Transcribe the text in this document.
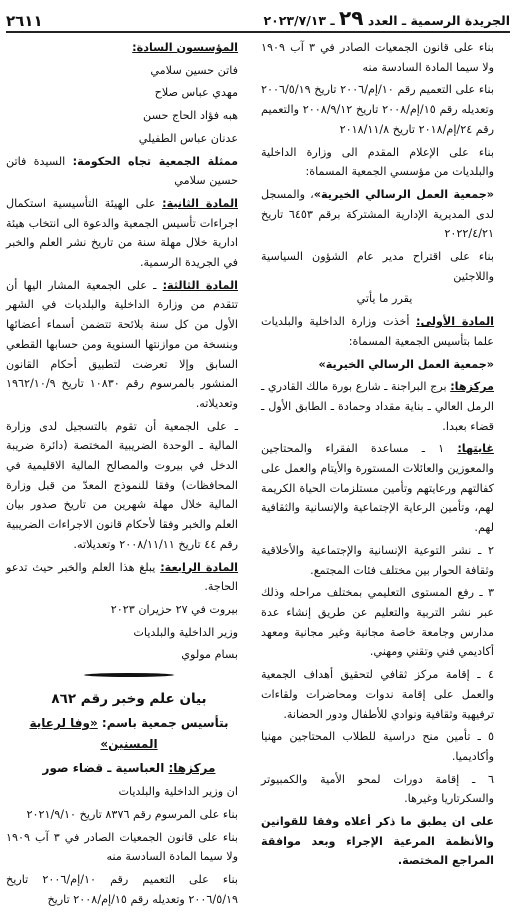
الجريدة الرسمية ـ العدد ٢٩ ـ ٢٠٢٣/٧/١٣
٢٦١١

بناء على قانون الجمعيات الصادر في ٣ آب ١٩٠٩ ولا سيما المادة السادسة منه

بناء على التعميم رقم ١٠/إم/٢٠٠٦ تاريخ ٢٠٠٦/٥/١٩ وتعديله رقم ١٥/إم/٢٠٠٨ تاريخ ٢٠٠٨/٩/١٢ والتعميم رقم ٢٤/إم/٢٠١٨ تاريخ ٢٠١٨/١١/٨

بناء على الإعلام المقدم الى وزارة الداخلية والبلديات من مؤسسي الجمعية المسماة:

«جمعية العمل الرسالي الخيرية»، والمسجل لدى المديرية الإدارية المشتركة برقم ٦٤٥٣ تاريخ ٢٠٢٢/٤/٢١

بناء على اقتراح مدير عام الشؤون السياسية واللاجئين

يقرر ما يأتي

المادة الأولى: أخذت وزارة الداخلية والبلديات علما بتأسيس الجمعية المسماة:

«جمعية العمل الرسالي الخيرية»

مركزها: برج البراجنة ـ شارع بورة مالك القادري ـ الرمل العالي ـ بناية مقداد وحمادة ـ الطابق الأول ـ قضاء بعبدا.

غايتها: ١ ـ مساعدة الفقراء والمحتاجين والمعوزين والعائلات المستورة والأيتام والعمل على كفالتهم ورعايتهم وتأمين مستلزمات الحياة الكريمة لهم، وتأمين الرعاية الإجتماعية والإنسانية والثقافية لهم.

٢ ـ نشر التوعية الإنسانية والإجتماعية والأخلاقية وثقافة الحوار بين مختلف فئات المجتمع.

٣ ـ رفع المستوى التعليمي بمختلف مراحله وذلك عبر نشر التربية والتعليم عن طريق إنشاء عدة مدارس وجامعة خاصة مجانية وغير مجانية ومعهد أكاديمي فني وتقني ومهني.

٤ ـ إقامة مركز ثقافي لتحقيق أهداف الجمعية والعمل على إقامة ندوات ومحاضرات ولقاءات ترفيهية وثقافية ونوادي للأطفال ودور الحضانة.

٥ ـ تأمين منح دراسية للطلاب المحتاجين مهنيا وأكاديميا.

٦ ـ إقامة دورات لمحو الأمية والكمبيوتر والسكرتاريا وغيرها.

على ان يطبق ما ذكر أعلاه وفقا للقوانين والأنظمة المرعية الإجراء وبعد موافقة المراجع المختصة.

المؤسسون السادة:

فاتن حسين سلامي

مهدي عباس صلاح

هبه فؤاد الحاج حسن

عدنان عباس الطفيلي

ممثلة الجمعية تجاه الحكومة: السيدة فاتن حسين سلامي

المادة الثانية: على الهيئة التأسيسية استكمال اجراءات تأسيس الجمعية والدعوة الى انتخاب هيئة ادارية خلال مهلة سنة من تاريخ نشر العلم والخبر في الجريدة الرسمية.

المادة الثالثة: ـ على الجمعية المشار اليها أن تتقدم من وزارة الداخلية والبلديات في الشهر الأول من كل سنة بلائحة تتضمن أسماء أعضائها وبنسخة من موازنتها السنوية ومن حسابها القطعي السابق وإلا تعرضت لتطبيق أحكام القانون المنشور بالمرسوم رقم ١٠٨٣٠ تاريخ ١٩٦٢/١٠/٩ وتعديلاته.

ـ على الجمعية أن تقوم بالتسجيل لدى وزارة المالية ـ الوحدة الضريبية المختصة (دائرة ضريبة الدخل في بيروت والمصالح المالية الاقليمية في المحافظات) وفقا للنموذج المعدّ من قبل وزارة المالية خلال مهلة شهرين من تاريخ صدور بيان العلم والخبر وفقا لأحكام قانون الاجراءات الضريبية رقم ٤٤ تاريخ ٢٠٠٨/١١/١١ وتعديلاته.

المادة الرابعة: يبلغ هذا العلم والخبر حيث تدعو الحاجة.

بيروت في ٢٧ حزيران ٢٠٢٣

وزير الداخلية والبلديات

بسام مولوي

بيان علم وخبر رقم ٨٦٢

بتأسيس جمعية باسم: «وفا لرعاية المسنين»

مركزها: العباسية ـ قضاء صور

ان وزير الداخلية والبلديات

بناء على المرسوم رقم ٨٣٧٦ تاريخ ٢٠٢١/٩/١٠

بناء على قانون الجمعيات الصادر في ٣ آب ١٩٠٩ ولا سيما المادة السادسة منه

بناء على التعميم رقم ١٠/إم/٢٠٠٦ تاريخ ٢٠٠٦/٥/١٩ وتعديله رقم ١٥/إم/٢٠٠٨ تاريخ
